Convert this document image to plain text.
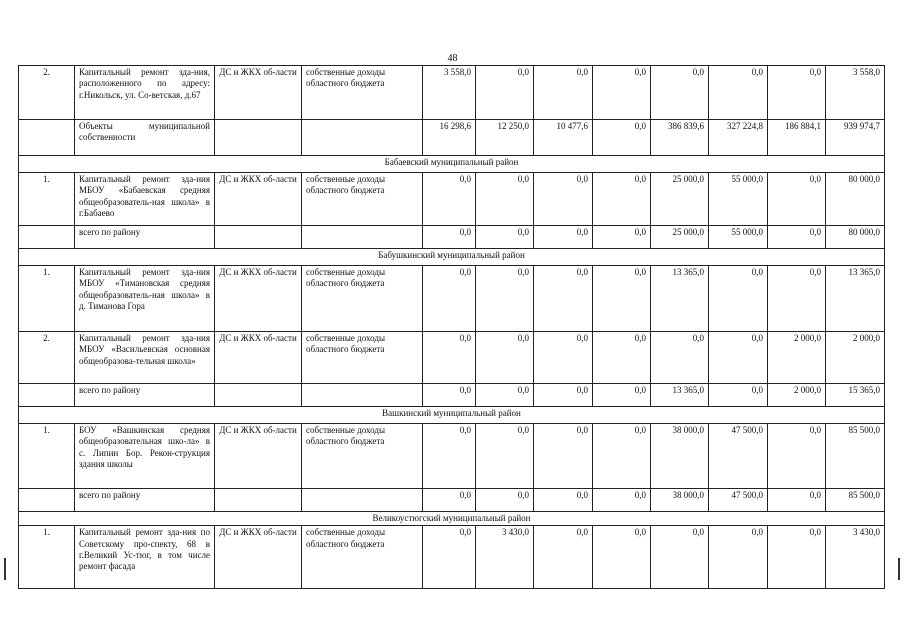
48
2.	Капитальный ремонт зда-ния, расположенного по адресу: г.Никольск, ул. Со-ветская, д.67	ДС и ЖКХ об-ласти	собственные доходы областного бюджета	3 558,0	0,0	0,0	0,0	0,0	0,0	0,0	3 558,0
	Объекты муниципальной собственности			16 298,6	12 250,0	10 477,6	0,0	386 839,6	327 224,8	186 884,1	939 974,7
Бабаевский муниципальный район											
1.	Капитальный ремонт зда-ния МБОУ «Бабаевская средняя общеобразователь-ная школа» в г.Бабаево	ДС и ЖКХ об-ласти	собственные доходы областного бюджета	0,0	0,0	0,0	0,0	25 000,0	55 000,0	0,0	80 000,0
	всего по району			0,0	0,0	0,0	0,0	25 000,0	55 000,0	0,0	80 000,0
Бабушкинский муниципальный район											
1.	Капитальный ремонт зда-ния МБОУ «Тимановская средняя общеобразователь-ная школа» в д. Тиманова Гора	ДС и ЖКХ об-ласти	собственные доходы областного бюджета	0,0	0,0	0,0	0,0	13 365,0	0,0	0,0	13 365,0
2.	Капитальный ремонт зда-ния МБОУ «Васильевская основная общеобразова-тельная школа»	ДС и ЖКХ об-ласти	собственные доходы областного бюджета	0,0	0,0	0,0	0,0	0,0	0,0	2 000,0	2 000,0
	всего по району			0,0	0,0	0,0	0,0	13 365,0	0,0	2 000,0	15 365,0
Вашкинский муниципальный район											
1.	БОУ «Вашкинская средняя общеобразовательная шко-ла» в с. Липин Бор. Рекон-струкция здания школы	ДС и ЖКХ об-ласти	собственные доходы областного бюджета	0,0	0,0	0,0	0,0	38 000,0	47 500,0	0,0	85 500,0
	всего по району			0,0	0,0	0,0	0,0	38 000,0	47 500,0	0,0	85 500,0
Великоустюгский муниципальный район											
1.	Капитальный ремонт зда-ния по Советскому про-спекту, 68 в г.Великий Ус-тюг, в том числе ремонт фасада	ДС и ЖКХ об-ласти	собственные доходы областного бюджета	0,0	3 430,0	0,0	0,0	0,0	0,0	0,0	3 430,0
